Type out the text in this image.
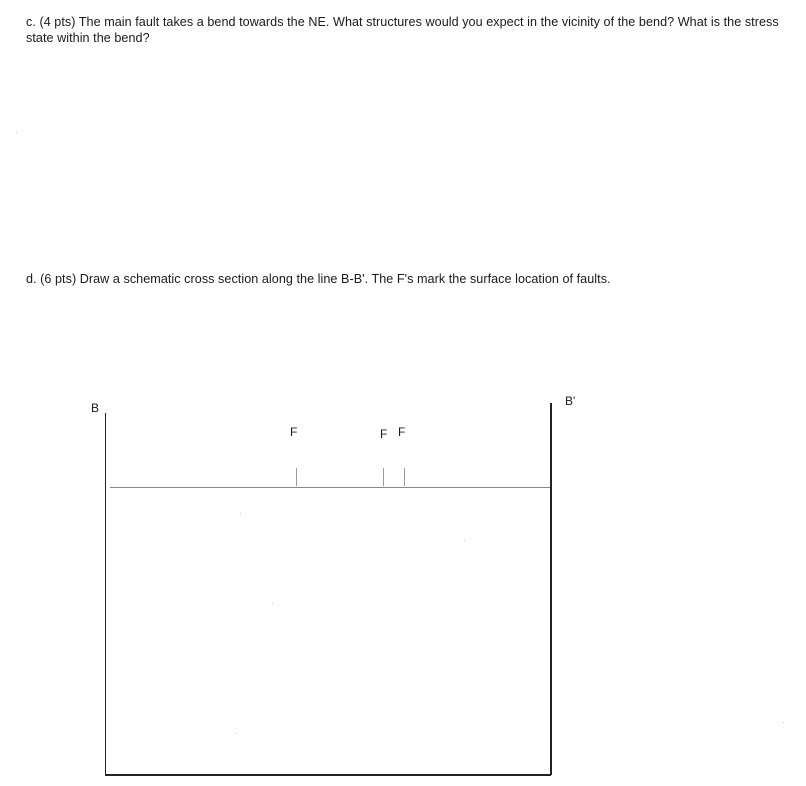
c. (4 pts) The main fault takes a bend towards the NE. What structures would you expect in the vicinity of the bend? What is the stress state within the bend?
d. (6 pts) Draw a schematic cross section along the line B-B'. The F's mark the surface location of faults.
B	B'
F	F F
